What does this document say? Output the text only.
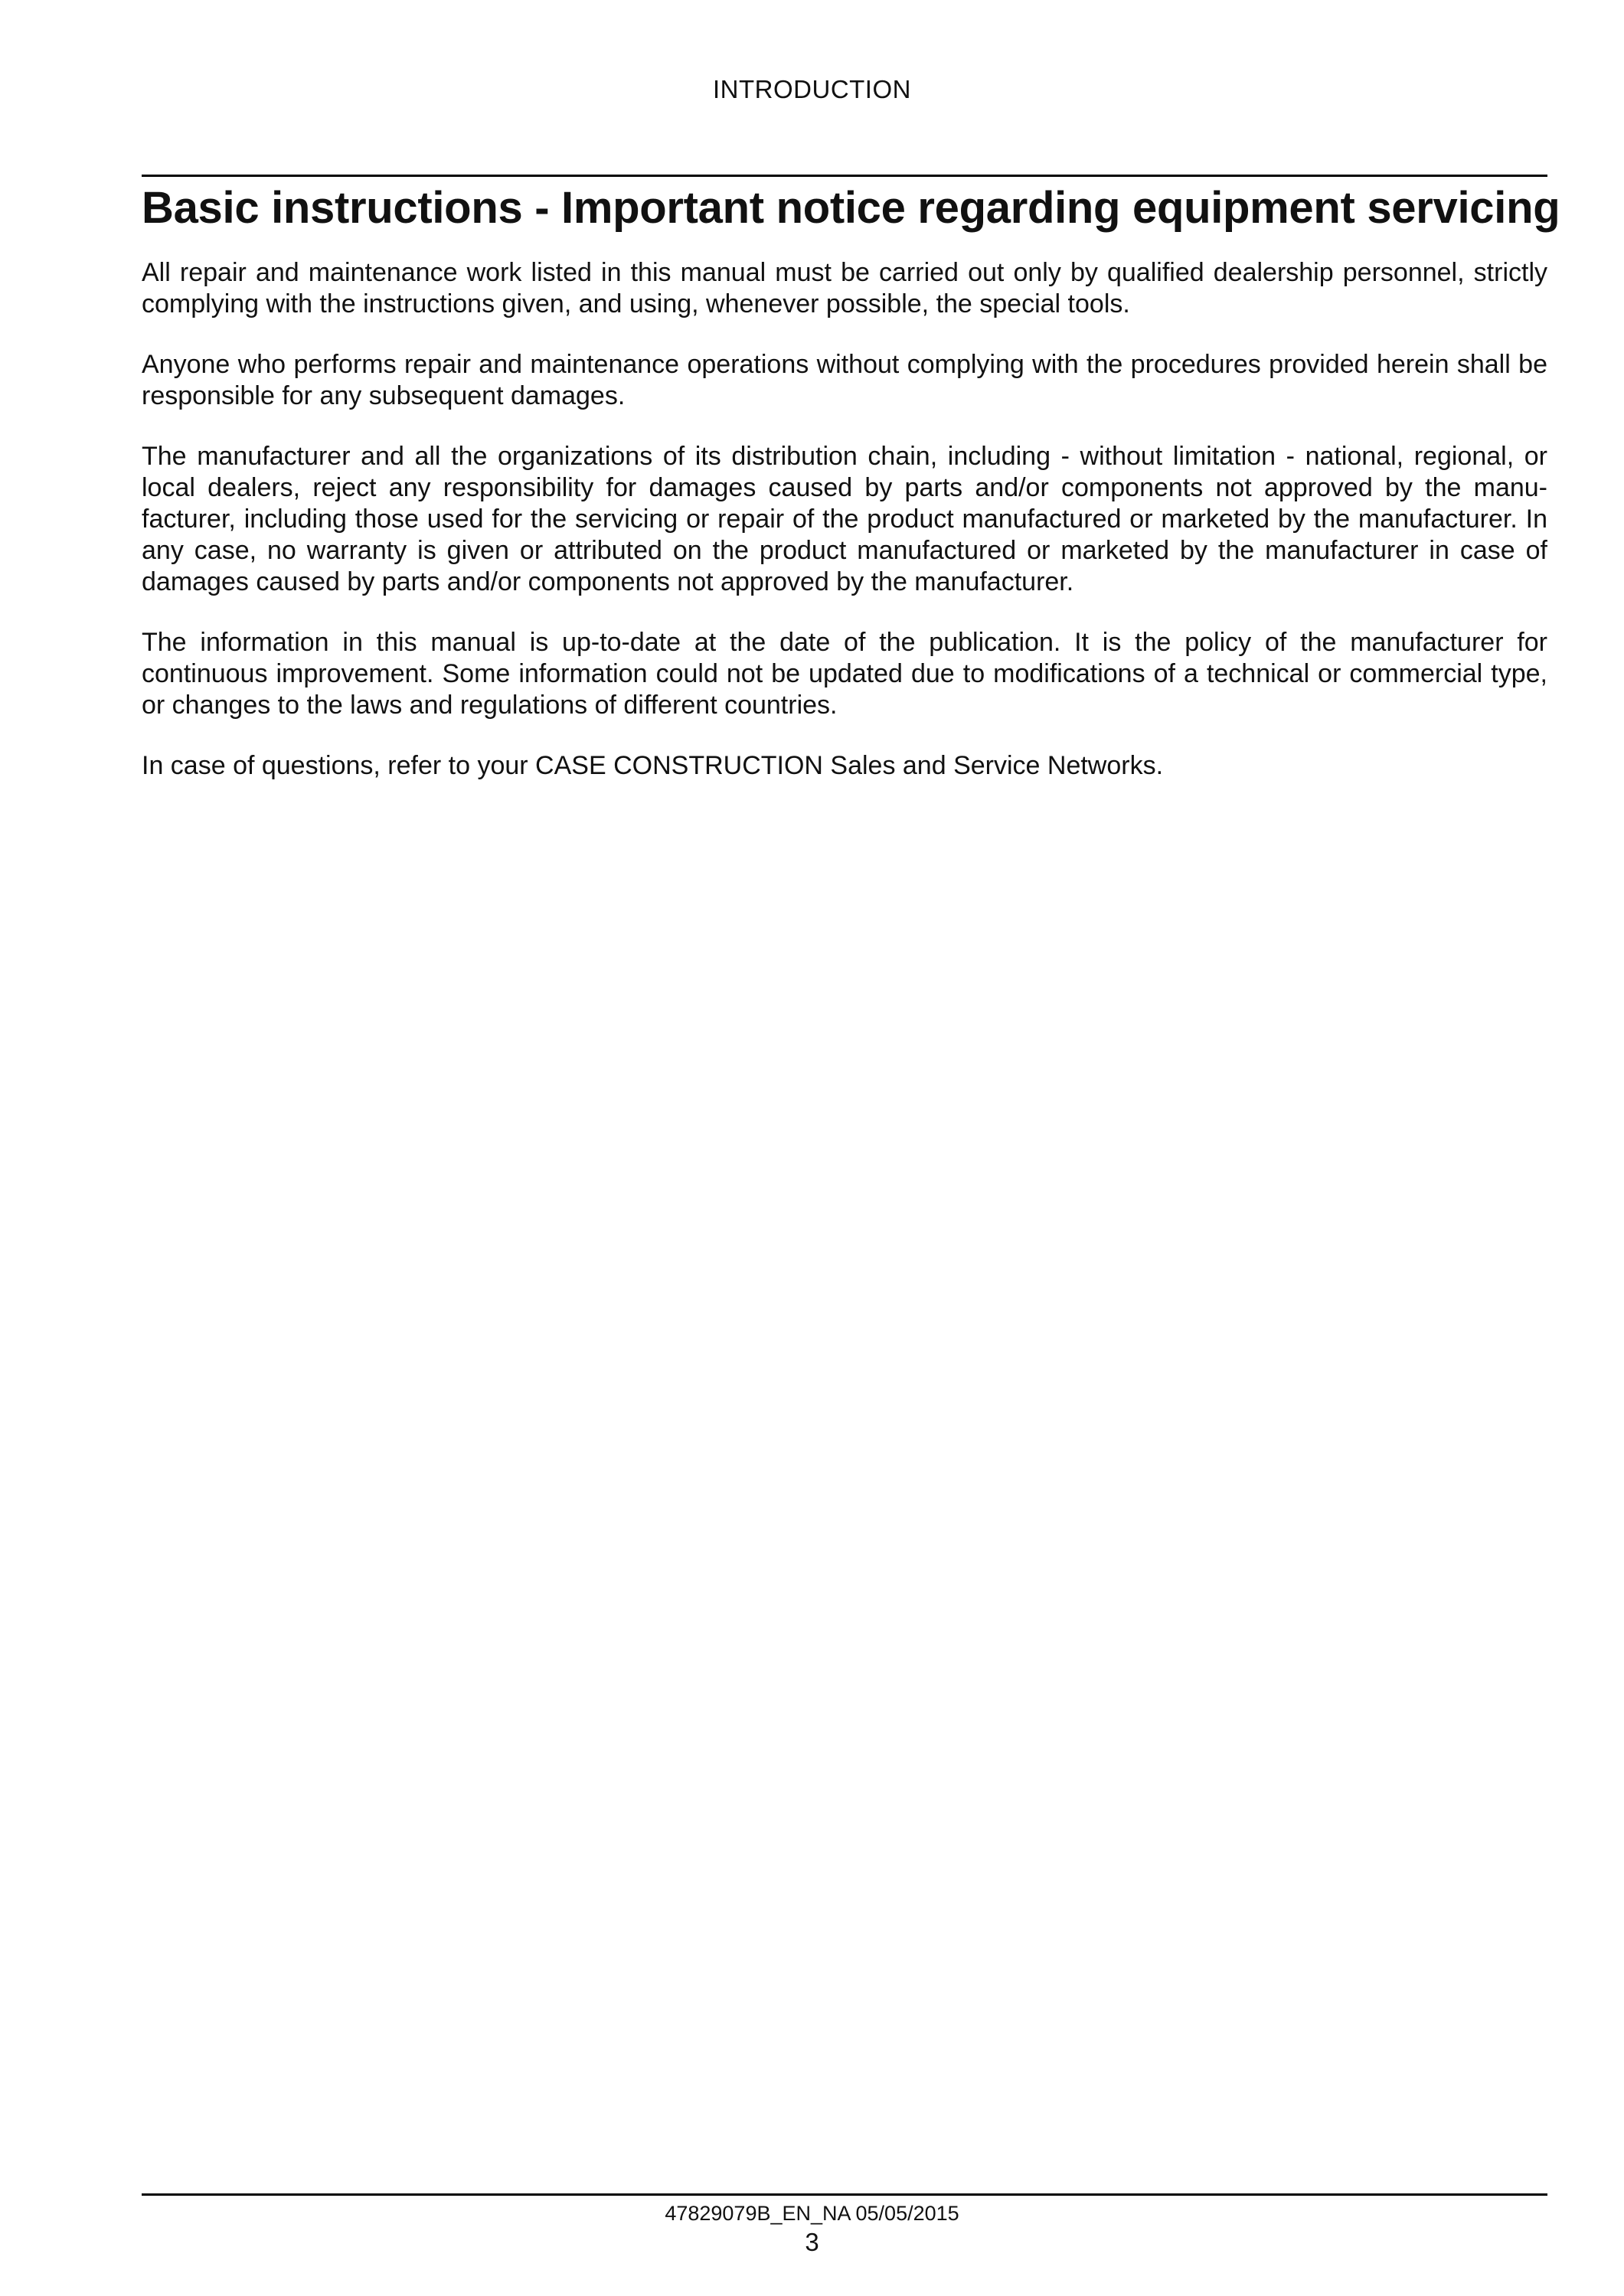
INTRODUCTION
Basic instructions - Important notice regarding equipment servicing

All repair and maintenance work listed in this manual must be carried out only by qualified dealership personnel, strictly complying with the instructions given, and using, whenever possible, the special tools.

Anyone who performs repair and maintenance operations without complying with the procedures provided herein shall be responsible for any subsequent damages.

The manufacturer and all the organizations of its distribution chain, including - without limitation - national, regional, or local dealers, reject any responsibility for damages caused by parts and/or components not approved by the manufacturer, including those used for the servicing or repair of the product manufactured or marketed by the manufacturer. In any case, no warranty is given or attributed on the product manufactured or marketed by the manufacturer in case of damages caused by parts and/or components not approved by the manufacturer.

The information in this manual is up-to-date at the date of the publication. It is the policy of the manufacturer for continuous improvement. Some information could not be updated due to modifications of a technical or commercial type, or changes to the laws and regulations of different countries.

In case of questions, refer to your CASE CONSTRUCTION Sales and Service Networks.

47829079B_EN_NA 05/05/2015
3
